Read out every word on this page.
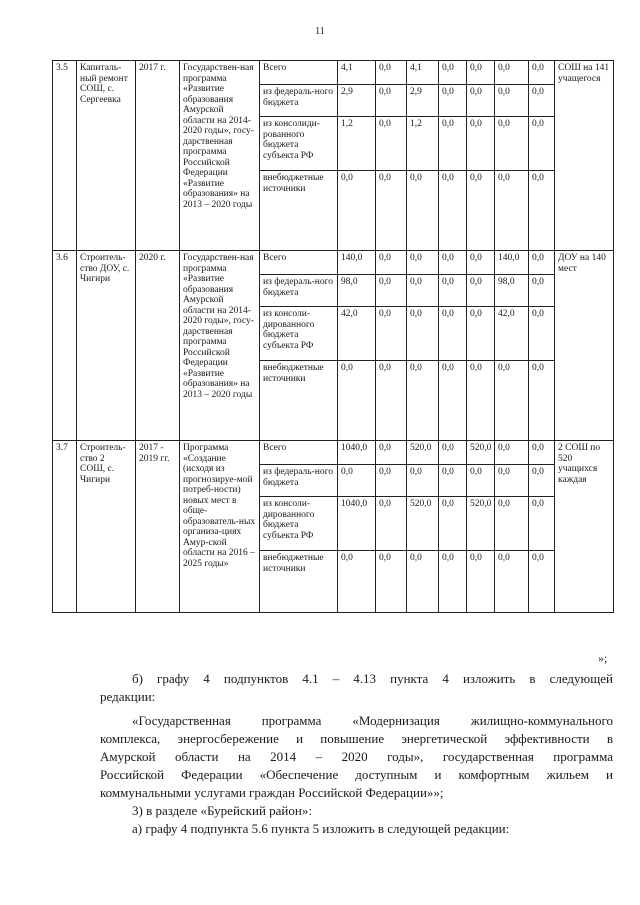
11
3.5	Капиталь-ный ремонт СОШ, с. Сергеевка	2017 г.	Государствен-ная программа «Развитие образования Амурской области на 2014-2020 годы», госу-дарственная программа Российской Федерации «Развитие образования» на 2013 – 2020 годы	Всего	4,1	0,0	4,1	0,0	0,0	0,0	0,0	СОШ на 141 учащегося
				из федераль-ного бюджета	2,9	0,0	2,9	0,0	0,0	0,0	0,0	
				из консолиди-рованного бюджета субъекта РФ	1,2	0,0	1,2	0,0	0,0	0,0	0,0	
				внебюджетные источники	0,0	0,0	0,0	0,0	0,0	0,0	0,0	
3.6	Строитель-ство ДОУ, с. Чигири	2020 г.	Государствен-ная программа «Развитие образования Амурской области на 2014-2020 годы», госу-дарственная программа Российской Федерации «Развитие образования» на 2013 – 2020 годы	Всего	140,0	0,0	0,0	0,0	0,0	140,0	0,0	ДОУ на 140 мест
				из федераль-ного бюджета	98,0	0,0	0,0	0,0	0,0	98,0	0,0	
				из консоли-дированного бюджета субъекта РФ	42,0	0,0	0,0	0,0	0,0	42,0	0,0	
				внебюджетные источники	0,0	0,0	0,0	0,0	0,0	0,0	0,0	
3.7	Строитель-ство 2 СОШ, с. Чигири	2017 - 2019 гг.	Программа «Создание (исходя из прогнозируе-мой потреб-ности) новых мест в обще-образователь-ных организа-циях Амур-ской области на 2016 – 2025 годы»	Всего	1040,0	0,0	520,0	0,0	520,0	0,0	0,0	2 СОШ по 520 учащихся каждая
				из федераль-ного бюджета	0,0	0,0	0,0	0,0	0,0	0,0	0,0	
				из консоли-дированного бюджета субъекта РФ	1040,0	0,0	520,0	0,0	520,0	0,0	0,0	
				внебюджетные источники	0,0	0,0	0,0	0,0	0,0	0,0	0,0	
»;

б) графу 4 подпунктов 4.1 – 4.13 пункта 4 изложить в следующей

редакции:

«Государственная программа «Модернизация жилищно-коммунального

комплекса, энергосбережение и повышение энергетической эффективности в

Амурской области на 2014 – 2020 годы», государственная программа

Российской Федерации «Обеспечение доступным и комфортным жильем и

коммунальными услугами граждан Российской Федерации»»;

3) в разделе «Бурейский район»:

а) графу 4 подпункта 5.6 пункта 5 изложить в следующей редакции:
